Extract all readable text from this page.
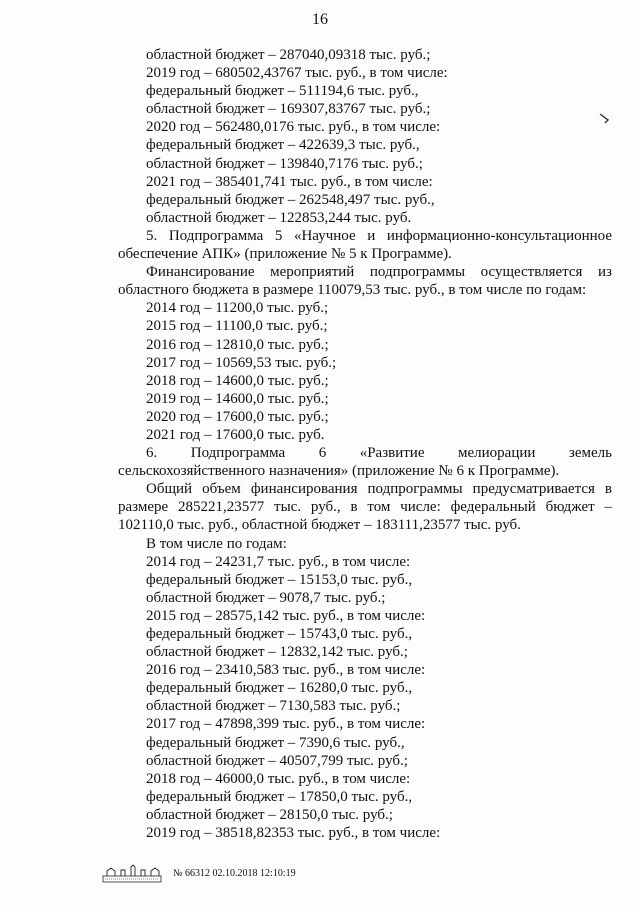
16
областной бюджет – 287040,09318 тыс. руб.;
2019 год – 680502,43767 тыс. руб., в том числе:
федеральный бюджет – 511194,6 тыс. руб.,
областной бюджет – 169307,83767 тыс. руб.;
2020 год – 562480,0176 тыс. руб., в том числе:
федеральный бюджет – 422639,3 тыс. руб.,
областной бюджет – 139840,7176 тыс. руб.;
2021 год – 385401,741 тыс. руб., в том числе:
федеральный бюджет – 262548,497 тыс. руб.,
областной бюджет – 122853,244 тыс. руб.
5. Подпрограмма 5 «Научное и информационно-консультационное
обеспечение АПК» (приложение № 5 к Программе).
Финансирование мероприятий подпрограммы осуществляется из
областного бюджета в размере 110079,53 тыс. руб., в том числе по годам:
2014 год – 11200,0 тыс. руб.;
2015 год – 11100,0 тыс. руб.;
2016 год – 12810,0 тыс. руб.;
2017 год – 10569,53 тыс. руб.;
2018 год – 14600,0 тыс. руб.;
2019 год – 14600,0 тыс. руб.;
2020 год – 17600,0 тыс. руб.;
2021 год – 17600,0 тыс. руб.
6. Подпрограмма 6 «Развитие мелиорации земель
сельскохозяйственного назначения» (приложение № 6 к Программе).
Общий объем финансирования подпрограммы предусматривается в
размере 285221,23577 тыс. руб., в том числе: федеральный бюджет –
102110,0 тыс. руб., областной бюджет – 183111,23577 тыс. руб.
В том числе по годам:
2014 год – 24231,7 тыс. руб., в том числе:
федеральный бюджет – 15153,0 тыс. руб.,
областной бюджет – 9078,7 тыс. руб.;
2015 год – 28575,142 тыс. руб., в том числе:
федеральный бюджет – 15743,0 тыс. руб.,
областной бюджет – 12832,142 тыс. руб.;
2016 год – 23410,583 тыс. руб., в том числе:
федеральный бюджет – 16280,0 тыс. руб.,
областной бюджет – 7130,583 тыс. руб.;
2017 год – 47898,399 тыс. руб., в том числе:
федеральный бюджет – 7390,6 тыс. руб.,
областной бюджет – 40507,799 тыс. руб.;
2018 год – 46000,0 тыс. руб., в том числе:
федеральный бюджет – 17850,0 тыс. руб.,
областной бюджет – 28150,0 тыс. руб.;
2019 год – 38518,82353 тыс. руб., в том числе:
№ 66312 02.10.2018 12:10:19
